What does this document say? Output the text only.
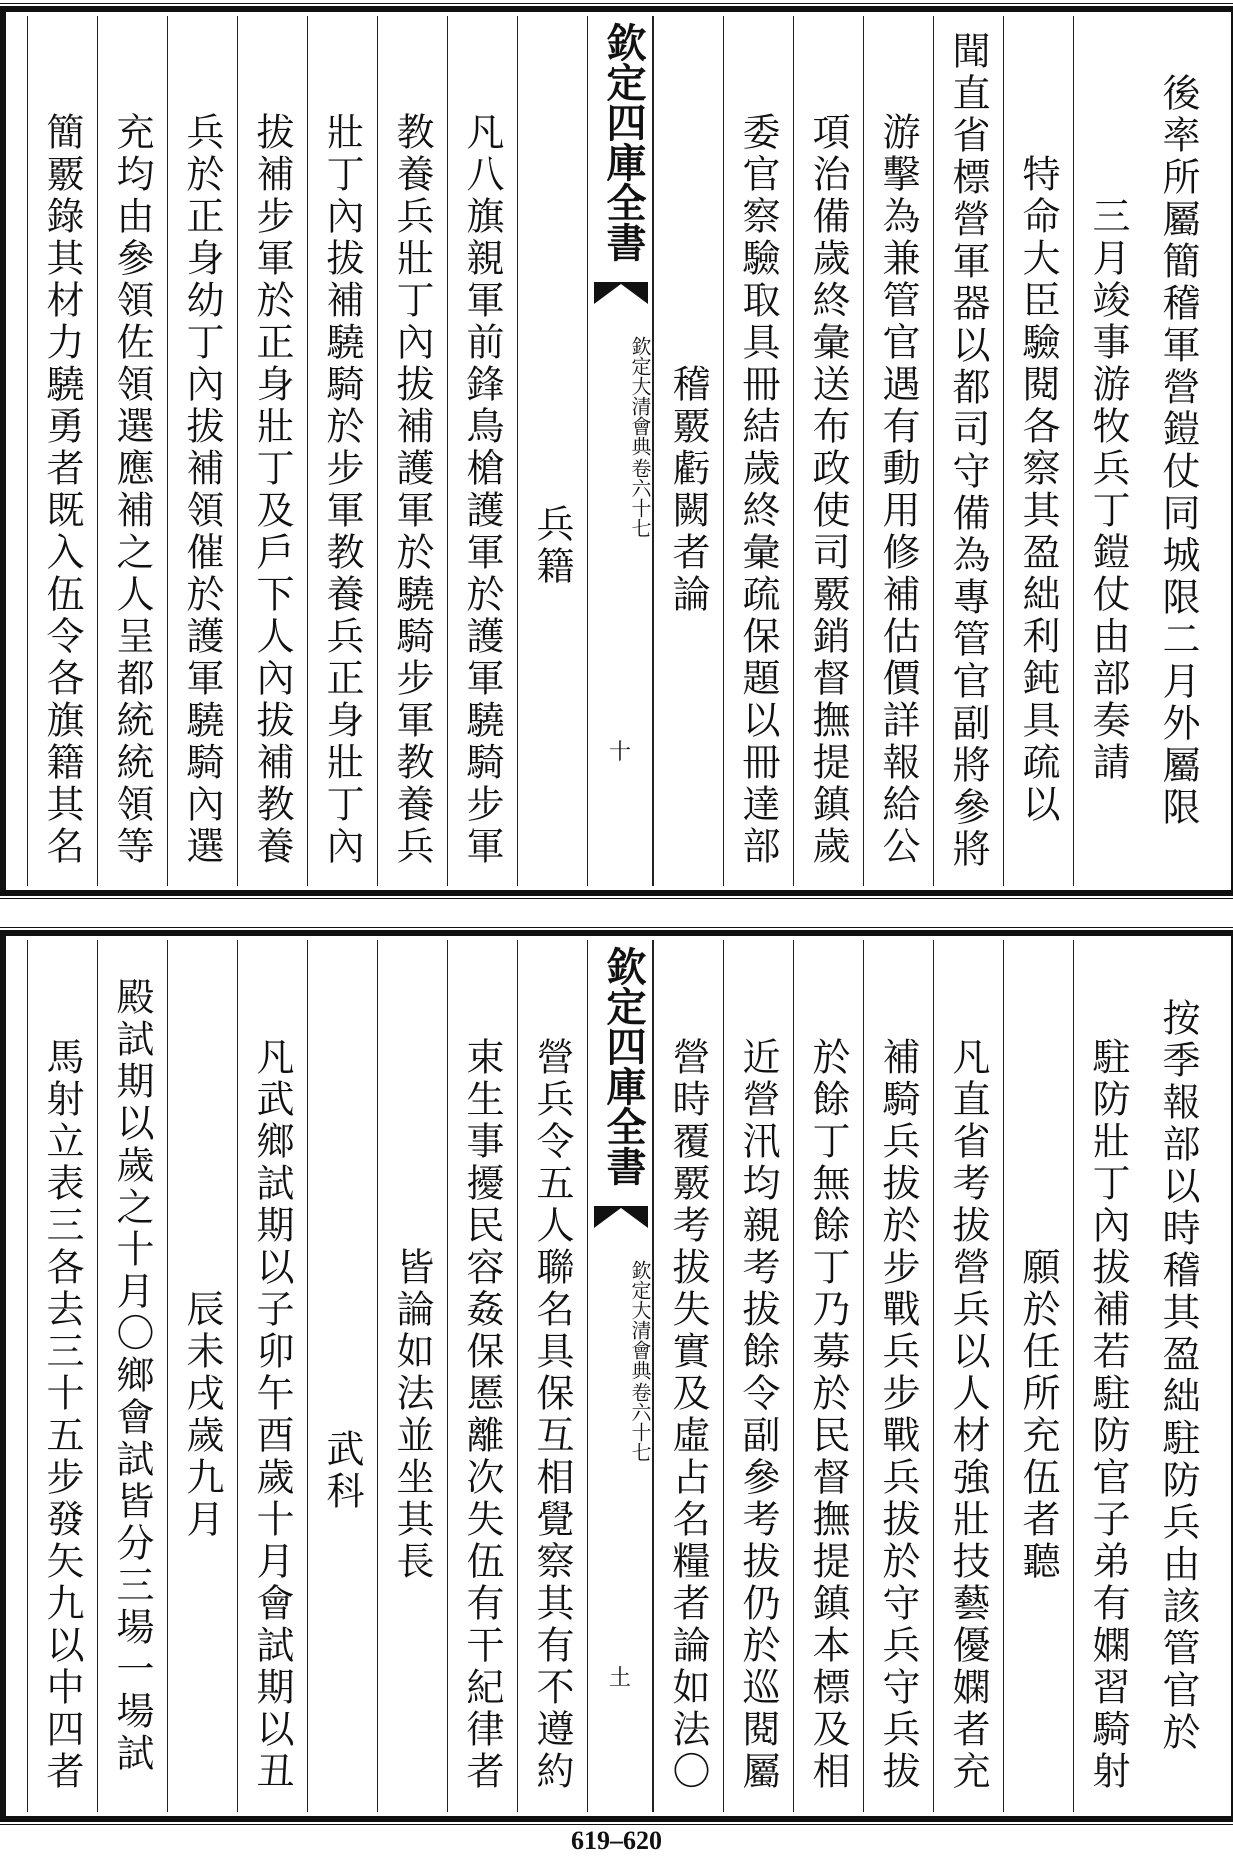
後率所屬簡稽軍營鎧仗同城限二月外屬限
三月竣事游牧兵丁鎧仗由部奏請
特命大臣驗閱各察其盈絀利鈍具疏以
聞直省標營軍器以都司守備為專管官副將參將
游擊為兼管官遇有動用修補估價詳報給公
項治備歲終彙送布政使司覈銷督撫提鎮歲
委官察驗取具冊結歲終彙疏保題以冊達部
稽覈虧闕者論
欽定四庫全書
欽定大清會典
卷六十七
十
兵籍
凡八旗親軍前鋒鳥槍護軍於護軍驍騎步軍
教養兵壯丁內拔補護軍於驍騎步軍教養兵
壯丁內拔補驍騎於步軍教養兵正身壯丁內
拔補步軍於正身壯丁及戶下人內拔補教養
兵於正身幼丁內拔補領催於護軍驍騎內選
充均由參領佐領選應補之人呈都統統領等
簡覈錄其材力驍勇者既入伍令各旗籍其名
按季報部以時稽其盈絀駐防兵由該管官於
駐防壯丁內拔補若駐防官子弟有嫻習騎射
願於任所充伍者聽
凡直省考拔營兵以人材強壯技藝優嫻者充
補騎兵拔於步戰兵步戰兵拔於守兵守兵拔
於餘丁無餘丁乃募於民督撫提鎮本標及相
近營汛均親考拔餘令副參考拔仍於巡閱屬
營時覆覈考拔失實及虛占名糧者論如法〇
欽定四庫全書
欽定大清會典
卷六十七
土
營兵令五人聯名具保互相覺察其有不遵約
束生事擾民容姦保慝離次失伍有干紀律者
皆論如法並坐其長
武科
凡武鄉試期以子卯午酉歲十月會試期以丑
辰未戌歲九月
殿試期以歲之十月〇鄉會試皆分三場一場試
馬射立表三各去三十五步發矢九以中四者
619–620
